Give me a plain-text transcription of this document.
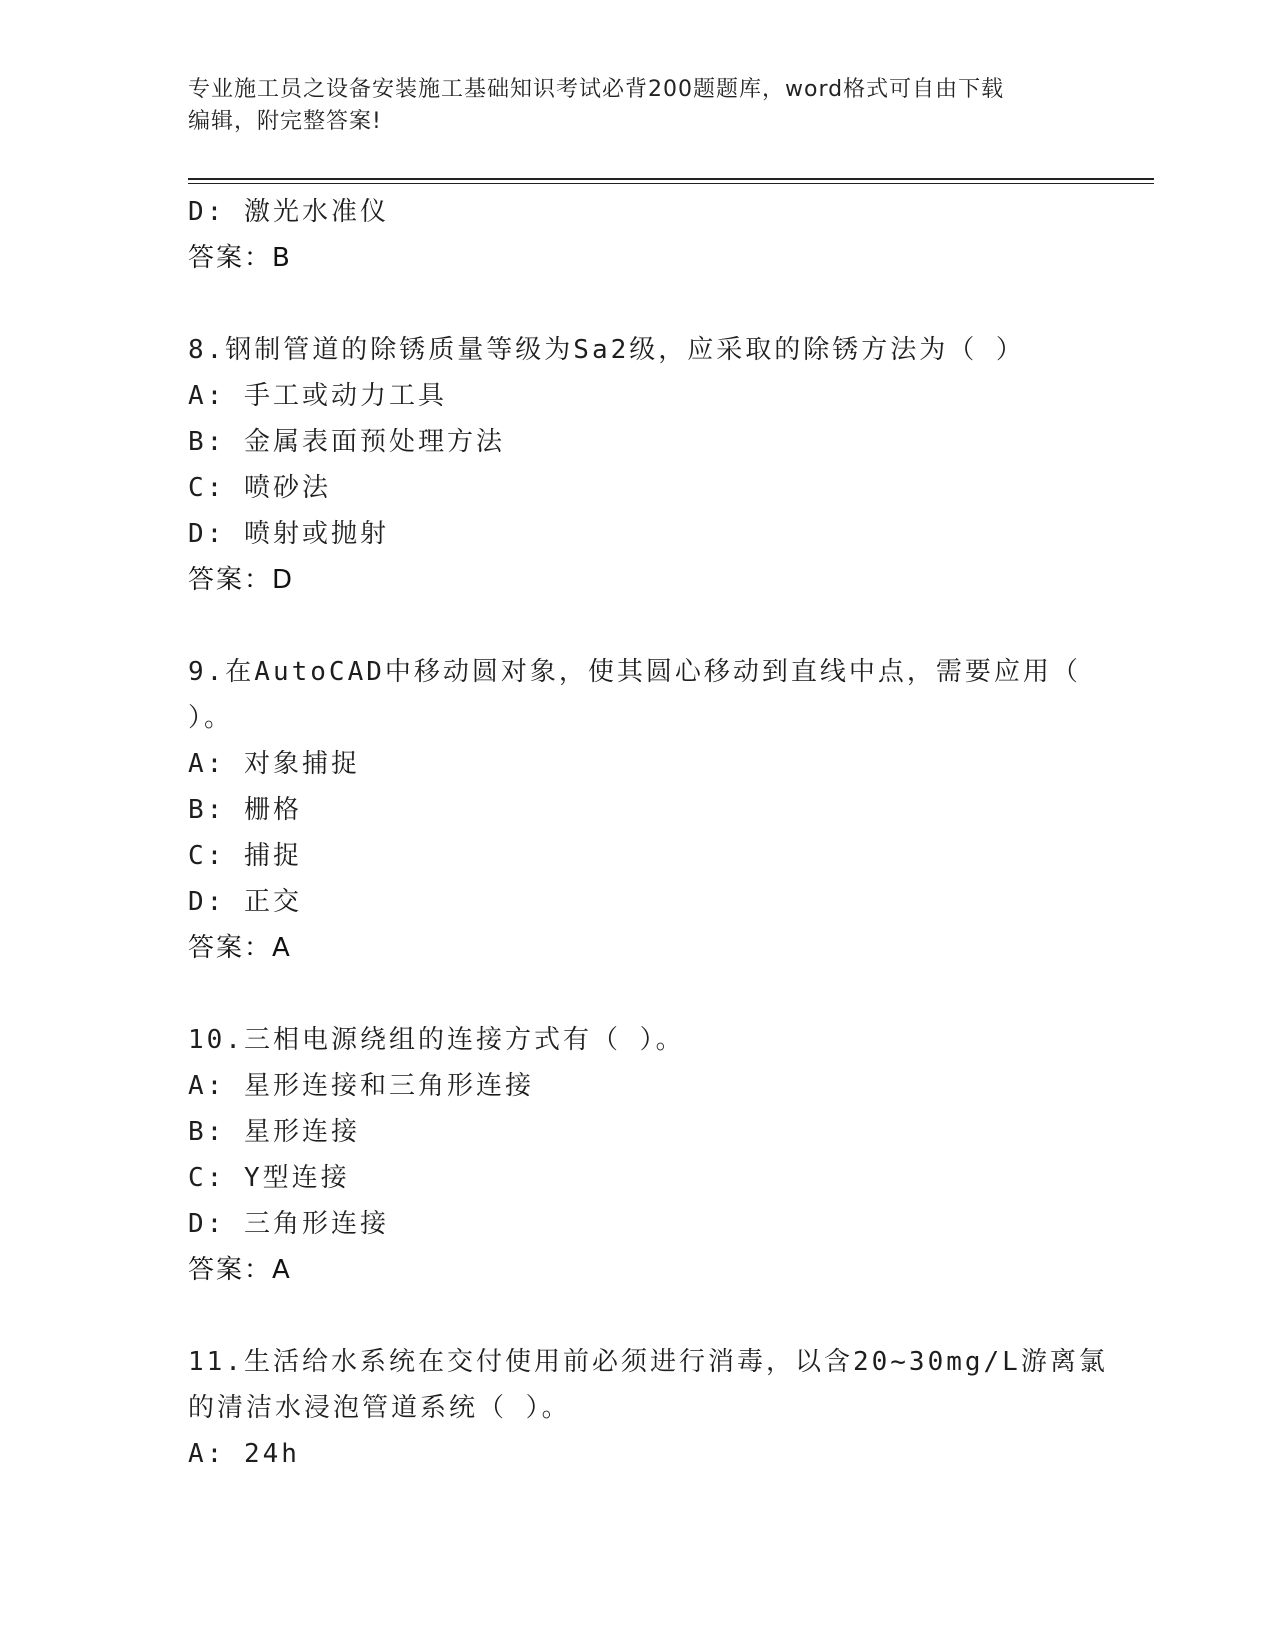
专业施工员之设备安装施工基础知识考试必背200题题库，word格式可自由下载
编辑，附完整答案!
D: 激光水准仪
答案：B
8.钢制管道的除锈质量等级为Sa2级，应采取的除锈方法为（ ）
A: 手工或动力工具
B: 金属表面预处理方法
C: 喷砂法
D: 喷射或抛射
答案：D
9.在AutoCAD中移动圆对象，使其圆心移动到直线中点，需要应用（
）。
A: 对象捕捉
B: 栅格
C: 捕捉
D: 正交
答案：A
10.三相电源绕组的连接方式有（ ）。
A: 星形连接和三角形连接
B: 星形连接
C: Y型连接
D: 三角形连接
答案：A
11.生活给水系统在交付使用前必须进行消毒，以含20~30mg/L游离氯
的清洁水浸泡管道系统（ ）。
A: 24h
